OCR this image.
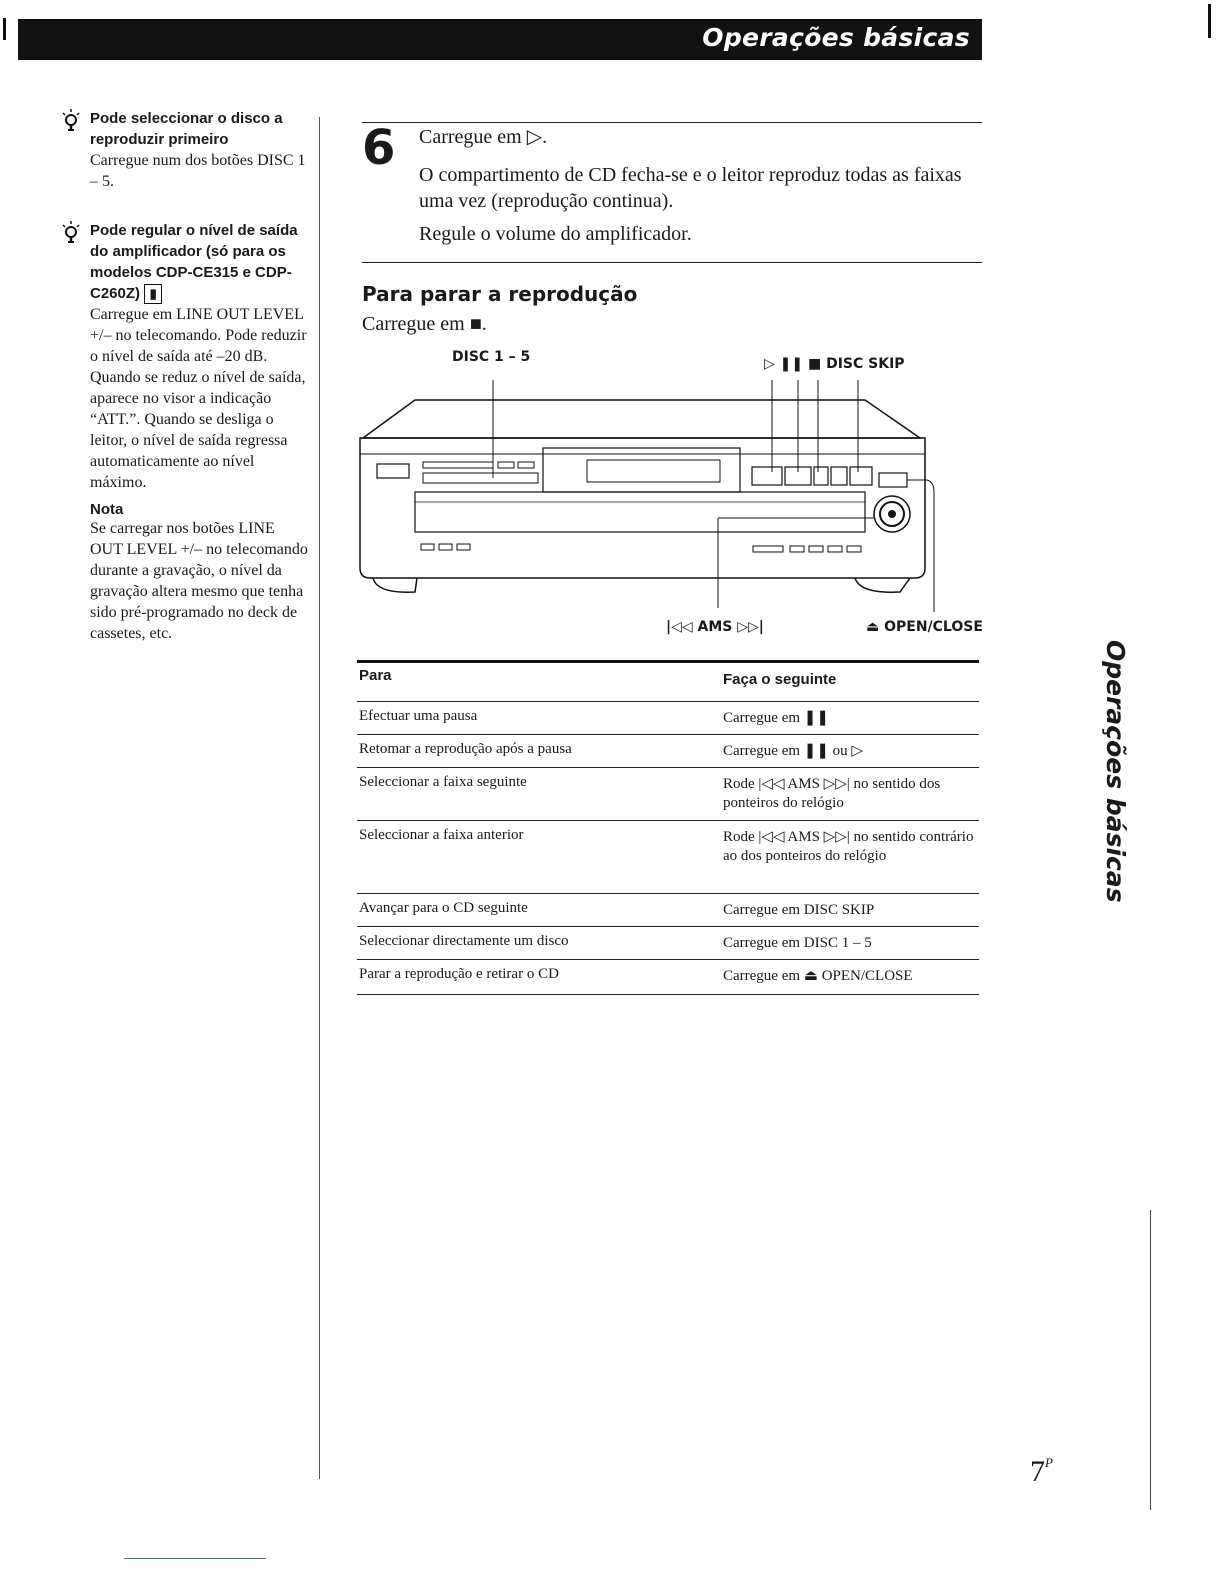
Operações básicas
Pode seleccionar o disco a reproduzir primeiro
Carregue num dos botões DISC 1 – 5.
Pode regular o nível de saída do amplificador (só para os modelos CDP-CE315 e CDP-C260Z) ▮
Carregue em LINE OUT LEVEL +/– no telecomando. Pode reduzir o nível de saída até –20 dB. Quando se reduz o nível de saída, aparece no visor a indicação “ATT.”. Quando se desliga o leitor, o nível de saída regressa automaticamente ao nível máximo.
Nota
Se carregar nos botões LINE OUT LEVEL +/– no telecomando durante a gravação, o nível da gravação altera mesmo que tenha sido pré-programado no deck de cassetes, etc.
6 Carregue em ▷.
O compartimento de CD fecha-se e o leitor reproduz todas as faixas uma vez (reprodução continua).
Regule o volume do amplificador.
Para parar a reprodução
Carregue em ■.
DISC 1 – 5	▷ ❚❚ ■ DISC SKIP
|◁◁ AMS ▷▷|	⏏ OPEN/CLOSE
Para	Faça o seguinte
Efectuar uma pausa	Carregue em ❚❚
Retomar a reprodução após a pausa	Carregue em ❚❚ ou ▷
Seleccionar a faixa seguinte	Rode |◁◁ AMS ▷▷| no sentido dos ponteiros do relógio
Seleccionar a faixa anterior	Rode |◁◁ AMS ▷▷| no sentido contrário ao dos ponteiros do relógio
Avançar para o CD seguinte	Carregue em DISC SKIP
Seleccionar directamente um disco	Carregue em DISC 1 – 5
Parar a reprodução e retirar o CD	Carregue em ⏏ OPEN/CLOSE
Operações básicas
$7^P$
